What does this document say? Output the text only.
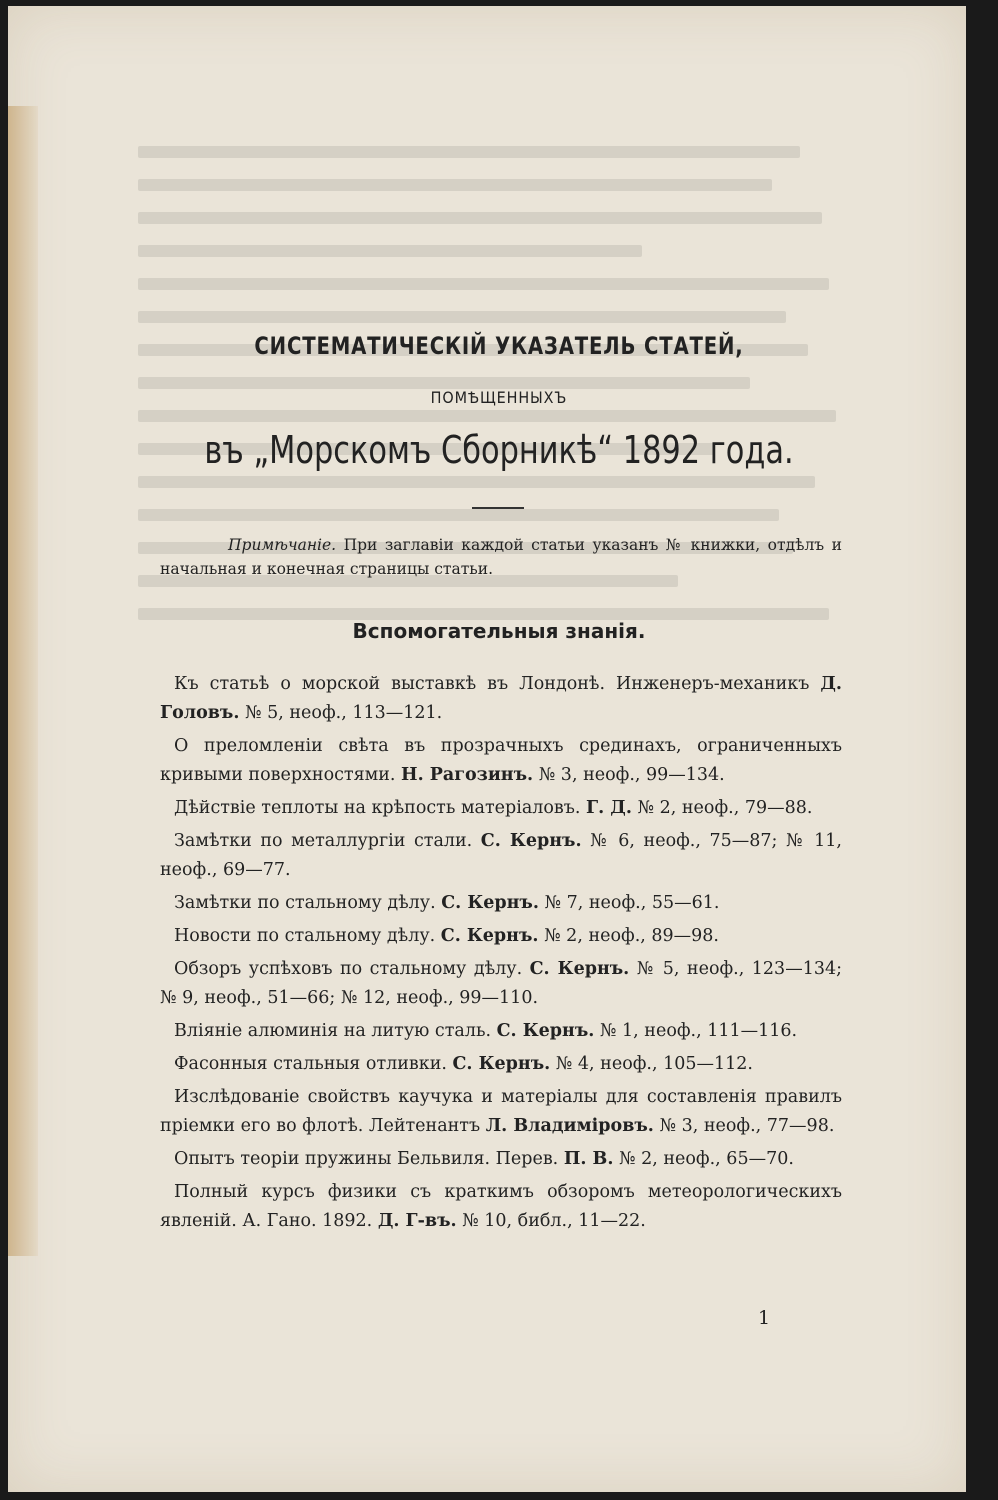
СИСТЕМАТИЧЕСКІЙ УКАЗАТЕЛЬ СТАТЕЙ,
ПОМѢЩЕННЫХЪ
въ „Морскомъ Сборникѣ“ 1892 года.
Примѣчаніе. При заглавіи каждой статьи указанъ № книжки, отдѣлъ и начальная и конечная страницы статьи.
Вспомогательныя знанія.
Къ статьѣ о морской выставкѣ въ Лондонѣ. Инженеръ-механикъ Д. Головъ. № 5, неоф., 113—121.
О преломленіи свѣта въ прозрачныхъ срединахъ, ограниченныхъ кривыми поверхностями. Н. Рагозинъ. № 3, неоф., 99—134.
Дѣйствіе теплоты на крѣпость матеріаловъ. Г. Д. № 2, неоф., 79—88.
Замѣтки по металлургіи стали. С. Кернъ. № 6, неоф., 75—87; № 11, неоф., 69—77.
Замѣтки по стальному дѣлу. С. Кернъ. № 7, неоф., 55—61.
Новости по стальному дѣлу. С. Кернъ. № 2, неоф., 89—98.
Обзоръ успѣховъ по стальному дѣлу. С. Кернъ. № 5, неоф., 123—134; № 9, неоф., 51—66; № 12, неоф., 99—110.
Вліяніе алюминія на литую сталь. С. Кернъ. № 1, неоф., 111—116.
Фасонныя стальныя отливки. С. Кернъ. № 4, неоф., 105—112.
Изслѣдованіе свойствъ каучука и матеріалы для составленія правилъ пріемки его во флотѣ. Лейтенантъ Л. Владиміровъ. № 3, неоф., 77—98.
Опытъ теоріи пружины Бельвиля. Перев. П. В. № 2, неоф., 65—70.
Полный курсъ физики съ краткимъ обзоромъ метеорологическихъ явленій. А. Гано. 1892. Д. Г-въ. № 10, библ., 11—22.
1
